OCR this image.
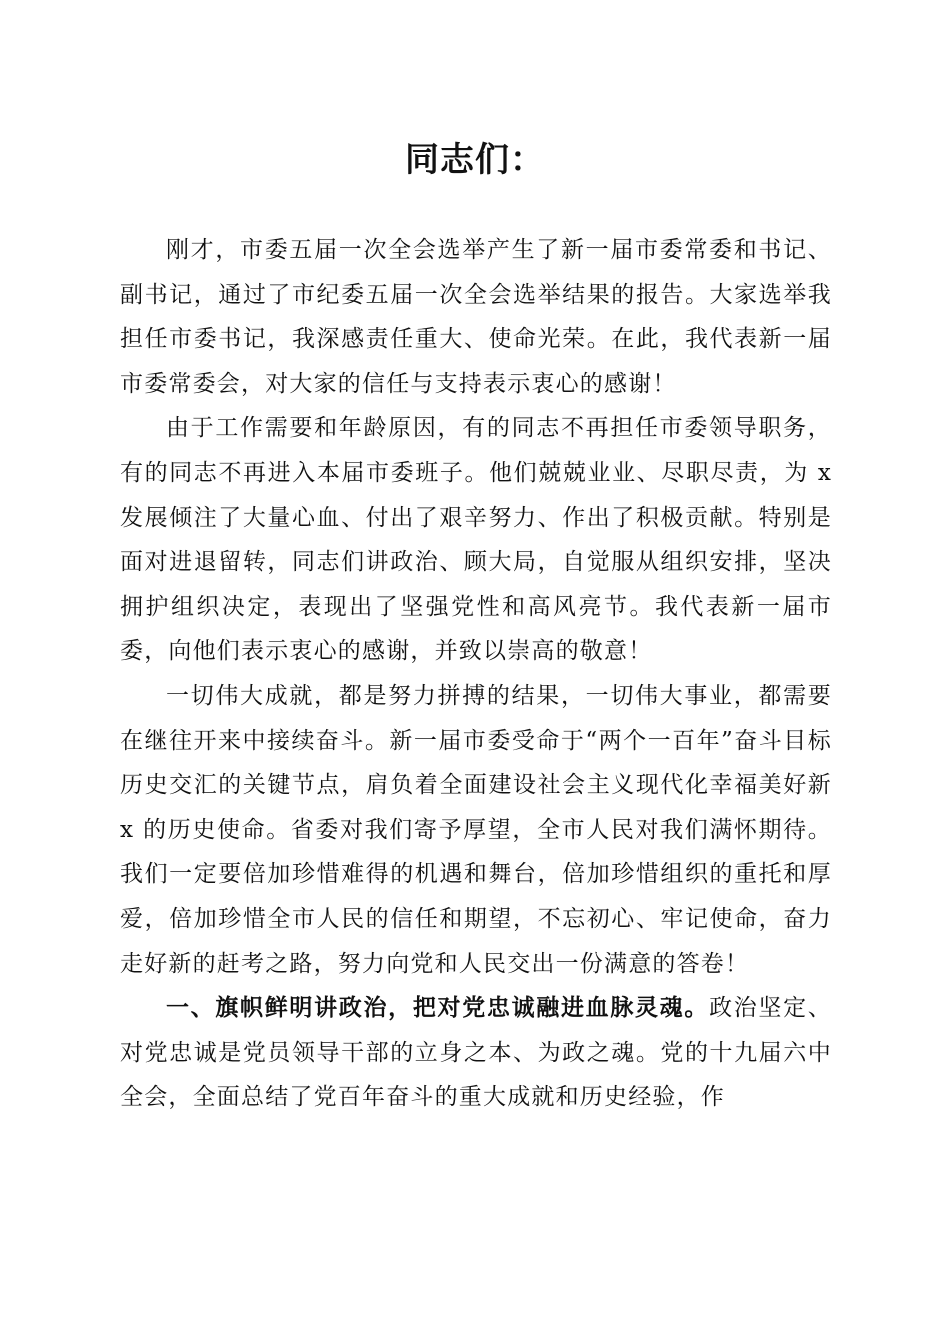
同志们：

刚才，市委五届一次全会选举产生了新一届市委常委和书记、副书记，通过了市纪委五届一次全会选举结果的报告。大家选举我担任市委书记，我深感责任重大、使命光荣。在此，我代表新一届市委常委会，对大家的信任与支持表示衷心的感谢！

由于工作需要和年龄原因，有的同志不再担任市委领导职务，有的同志不再进入本届市委班子。他们兢兢业业、尽职尽责，为 x 发展倾注了大量心血、付出了艰辛努力、作出了积极贡献。特别是面对进退留转，同志们讲政治、顾大局，自觉服从组织安排，坚决拥护组织决定，表现出了坚强党性和高风亮节。我代表新一届市委，向他们表示衷心的感谢，并致以崇高的敬意！

一切伟大成就，都是努力拼搏的结果，一切伟大事业，都需要在继往开来中接续奋斗。新一届市委受命于“两个一百年”奋斗目标历史交汇的关键节点，肩负着全面建设社会主义现代化幸福美好新 x 的历史使命。省委对我们寄予厚望，全市人民对我们满怀期待。我们一定要倍加珍惜难得的机遇和舞台，倍加珍惜组织的重托和厚爱，倍加珍惜全市人民的信任和期望，不忘初心、牢记使命，奋力走好新的赶考之路，努力向党和人民交出一份满意的答卷！

一、旗帜鲜明讲政治，把对党忠诚融进血脉灵魂。政治坚定、对党忠诚是党员领导干部的立身之本、为政之魂。党的十九届六中全会，全面总结了党百年奋斗的重大成就和历史经验，作
